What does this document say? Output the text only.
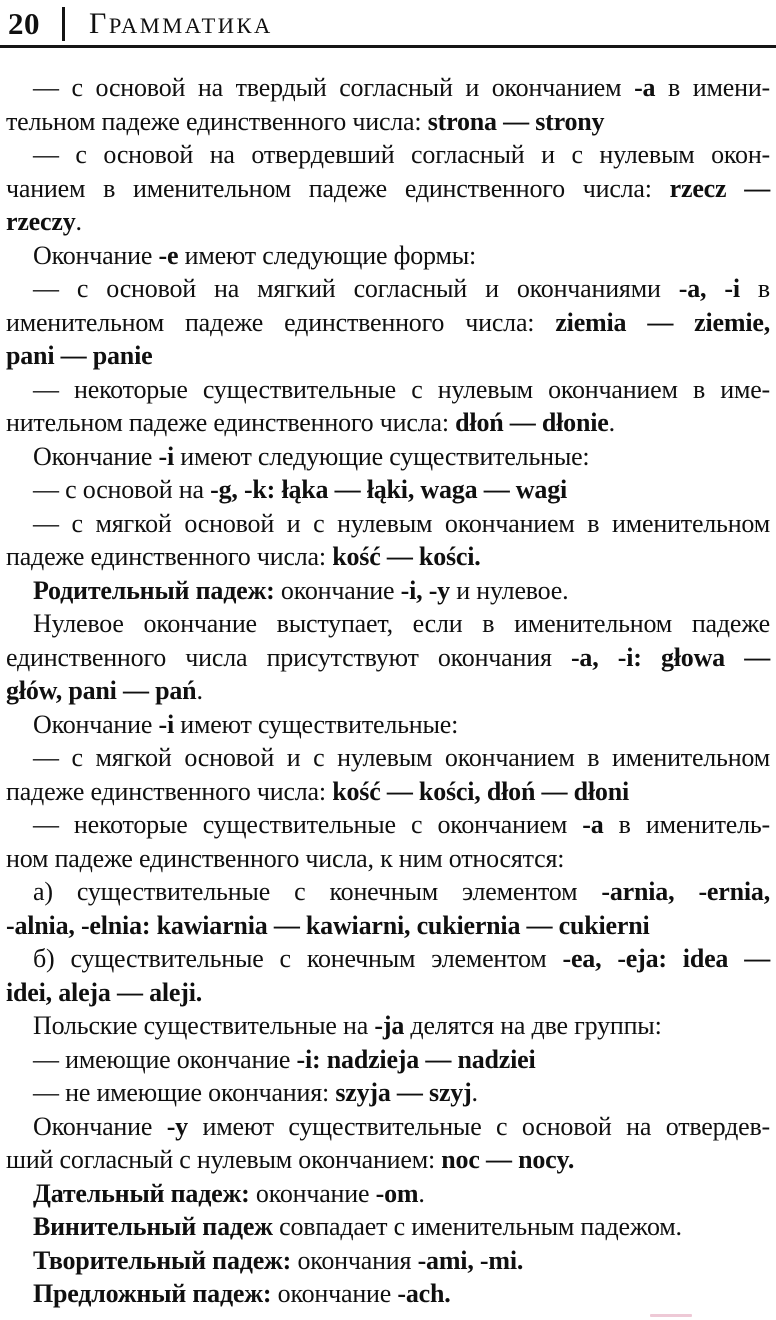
20 ГРАММАТИКА
— с основой на твердый согласный и окончанием -a в имени-
тельном падеже единственного числа: strona — strony
— с основой на отвердевший согласный и с нулевым окон-
чанием в именительном падеже единственного числа: rzecz —
rzeczy.
Окончание -e имеют следующие формы:
— с основой на мягкий согласный и окончаниями -a, -i в
именительном падеже единственного числа: ziemia — ziemie,
pani — panie
— некоторые существительные с нулевым окончанием в име-
нительном падеже единственного числа: dłoń — dłonie.
Окончание -i имеют следующие существительные:
— с основой на -g, -k: łąka — łąki, waga — wagi
— с мягкой основой и с нулевым окончанием в именительном
падеже единственного числа: kość — kości.
Родительный падеж: окончание -i, -y и нулевое.
Нулевое окончание выступает, если в именительном падеже
единственного числа присутствуют окончания -a, -i: głowa —
głów, pani — pań.
Окончание -i имеют существительные:
— с мягкой основой и с нулевым окончанием в именительном
падеже единственного числа: kość — kości, dłoń — dłoni
— некоторые существительные с окончанием -a в именитель-
ном падеже единственного числа, к ним относятся:
а) существительные с конечным элементом -arnia, -ernia,
-alnia, -elnia: kawiarnia — kawiarni, cukiernia — cukierni
б) существительные с конечным элементом -ea, -eja: idea —
idei, aleja — aleji.
Польские существительные на -ja делятся на две группы:
— имеющие окончание -i: nadzieja — nadziei
— не имеющие окончания: szyja — szyj.
Окончание -y имеют существительные с основой на отвердев-
ший согласный с нулевым окончанием: noc — nocy.
Дательный падеж: окончание -om.
Винительный падеж совпадает с именительным падежом.
Творительный падеж: окончания -ami, -mi.
Предложный падеж: окончание -ach.
